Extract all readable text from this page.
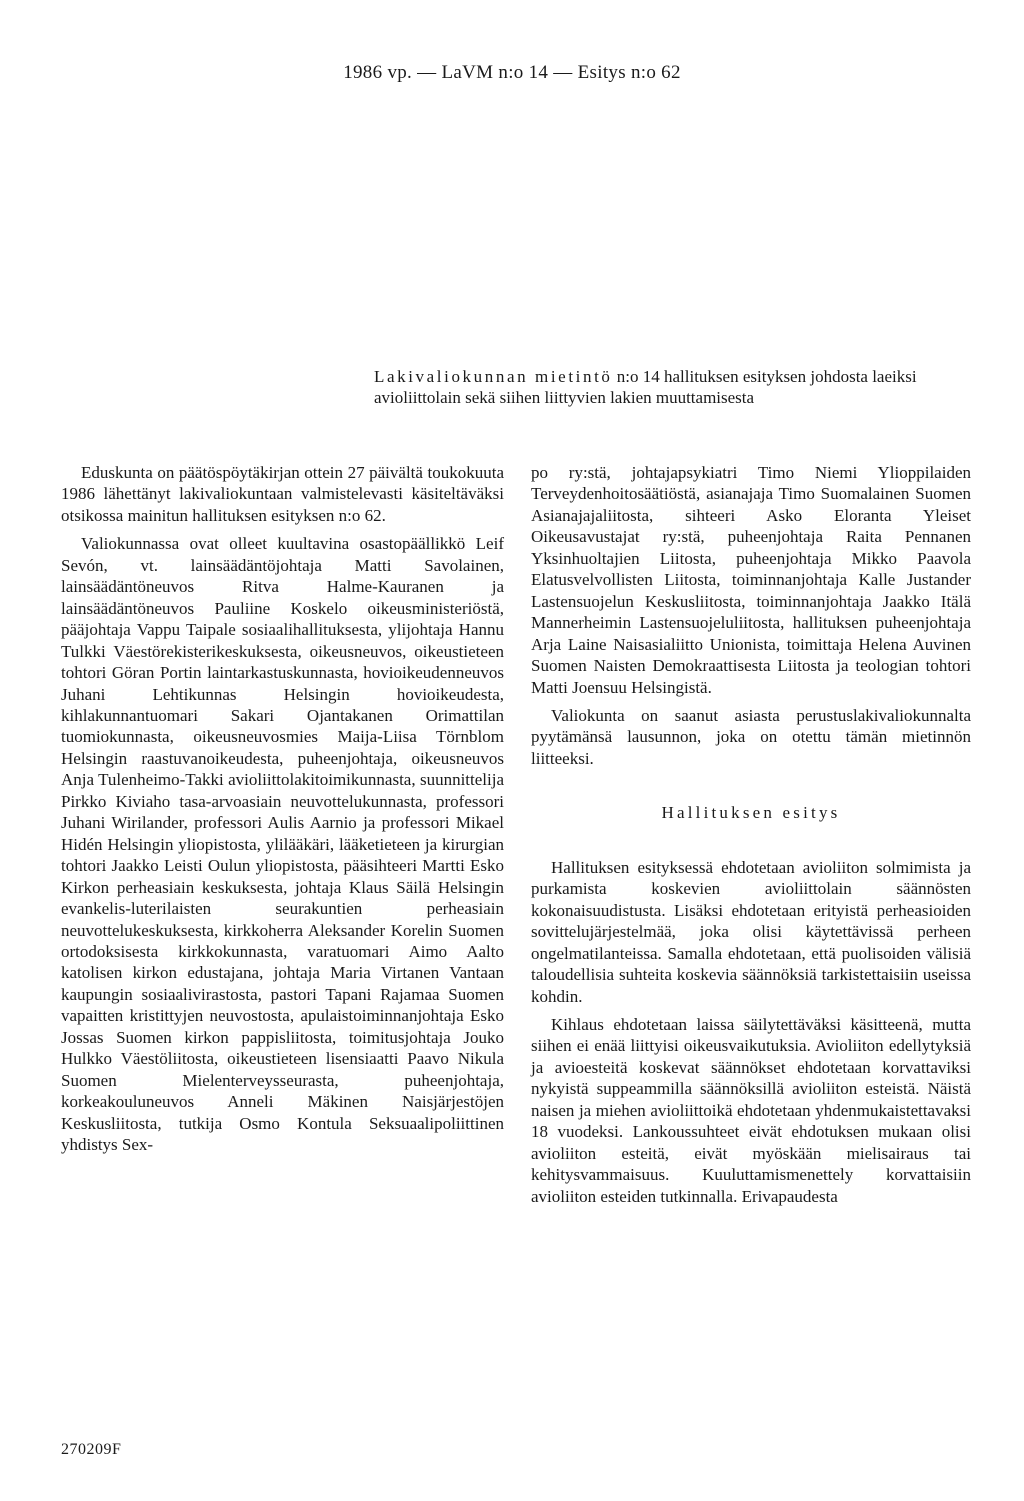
1986 vp. — LaVM n:o 14 — Esitys n:o 62
Lakivaliokunnan mietintö n:o 14 hallituksen esityksen johdosta laeiksi avioliittolain sekä siihen liittyvien lakien muuttamisesta

Eduskunta on päätöspöytäkirjan ottein 27 päivältä toukokuuta 1986 lähettänyt lakivaliokuntaan valmistelevasti käsiteltäväksi otsikossa mainitun hallituksen esityksen n:o 62.

Valiokunnassa ovat olleet kuultavina osastopäällikkö Leif Sevón, vt. lainsäädäntöjohtaja Matti Savolainen, lainsäädäntöneuvos Ritva Halme-Kauranen ja lainsäädäntöneuvos Pauliine Koskelo oikeusministeriöstä, pääjohtaja Vappu Taipale sosiaalihallituksesta, ylijohtaja Hannu Tulkki Väestörekisterikeskuksesta, oikeusneuvos, oikeustieteen tohtori Göran Portin laintarkastuskunnasta, hovioikeudenneuvos Juhani Lehtikunnas Helsingin hovioikeudesta, kihlakunnantuomari Sakari Ojantakanen Orimattilan tuomiokunnasta, oikeusneuvosmies Maija-Liisa Törnblom Helsingin raastuvanoikeudesta, puheenjohtaja, oikeusneuvos Anja Tulenheimo-Takki avioliittolakitoimikunnasta, suunnittelija Pirkko Kiviaho tasa-arvoasiain neuvottelukunnasta, professori Juhani Wirilander, professori Aulis Aarnio ja professori Mikael Hidén Helsingin yliopistosta, ylilääkäri, lääketieteen ja kirurgian tohtori Jaakko Leisti Oulun yliopistosta, pääsihteeri Martti Esko Kirkon perheasiain keskuksesta, johtaja Klaus Säilä Helsingin evankelis-luterilaisten seurakuntien perheasiain neuvottelukeskuksesta, kirkkoherra Aleksander Korelin Suomen ortodoksisesta kirkkokunnasta, varatuomari Aimo Aalto katolisen kirkon edustajana, johtaja Maria Virtanen Vantaan kaupungin sosiaalivirastosta, pastori Tapani Rajamaa Suomen vapaitten kristittyjen neuvostosta, apulaistoiminnanjohtaja Esko Jossas Suomen kirkon pappisliitosta, toimitusjohtaja Jouko Hulkko Väestöliitosta, oikeustieteen lisensiaatti Paavo Nikula Suomen Mielenterveysseurasta, puheenjohtaja, korkeakouluneuvos Anneli Mäkinen Naisjärjestöjen Keskusliitosta, tutkija Osmo Kontula Seksuaalipoliittinen yhdistys Sex-

po ry:stä, johtajapsykiatri Timo Niemi Ylioppilaiden Terveydenhoitosäätiöstä, asianajaja Timo Suomalainen Suomen Asianajajaliitosta, sihteeri Asko Eloranta Yleiset Oikeusavustajat ry:stä, puheenjohtaja Raita Pennanen Yksinhuoltajien Liitosta, puheenjohtaja Mikko Paavola Elatusvelvollisten Liitosta, toiminnanjohtaja Kalle Justander Lastensuojelun Keskusliitosta, toiminnanjohtaja Jaakko Itälä Mannerheimin Lastensuojeluliitosta, hallituksen puheenjohtaja Arja Laine Naisasialiitto Unionista, toimittaja Helena Auvinen Suomen Naisten Demokraattisesta Liitosta ja teologian tohtori Matti Joensuu Helsingistä.

Valiokunta on saanut asiasta perustuslakivaliokunnalta pyytämänsä lausunnon, joka on otettu tämän mietinnön liitteeksi.

Hallituksen esitys

Hallituksen esityksessä ehdotetaan avioliiton solmimista ja purkamista koskevien avioliittolain säännösten kokonaisuudistusta. Lisäksi ehdotetaan erityistä perheasioiden sovittelujärjestelmää, joka olisi käytettävissä perheen ongelmatilanteissa. Samalla ehdotetaan, että puolisoiden välisiä taloudellisia suhteita koskevia säännöksiä tarkistettaisiin useissa kohdin.

Kihlaus ehdotetaan laissa säilytettäväksi käsitteenä, mutta siihen ei enää liittyisi oikeusvaikutuksia. Avioliiton edellytyksiä ja avioesteitä koskevat säännökset ehdotetaan korvattaviksi nykyistä suppeammilla säännöksillä avioliiton esteistä. Näistä naisen ja miehen avioliittoikä ehdotetaan yhdenmukaistettavaksi 18 vuodeksi. Lankoussuhteet eivät ehdotuksen mukaan olisi avioliiton esteitä, eivät myöskään mielisairaus tai kehitysvammaisuus. Kuuluttamismenettely korvattaisiin avioliiton esteiden tutkinnalla. Erivapaudesta

270209F
